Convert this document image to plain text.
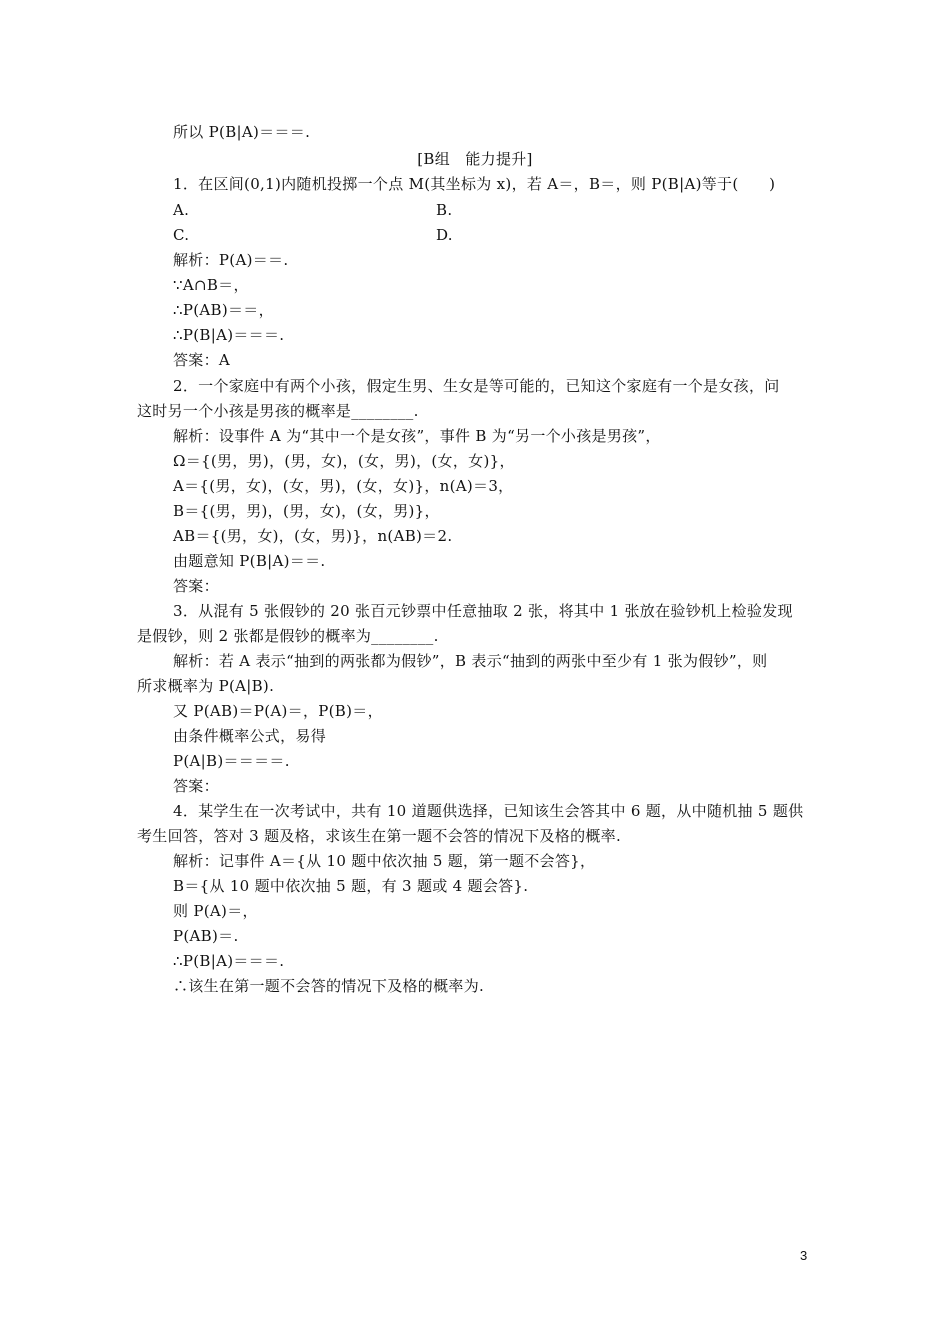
所以 P(B|A)＝＝＝.
[B组　能力提升]
1．在区间(0,1)内随机投掷一个点 M(其坐标为 x)，若 A＝，B＝，则 P(B|A)等于(　　)
A.	B.
C.	D.
解析：P(A)＝＝.
∵A∩B＝，
∴P(AB)＝＝，
∴P(B|A)＝＝＝.
答案：A
2．一个家庭中有两个小孩，假定生男、生女是等可能的，已知这个家庭有一个是女孩，问
这时另一个小孩是男孩的概率是________.
解析：设事件 A 为“其中一个是女孩”，事件 B 为“另一个小孩是男孩”，
Ω＝{(男，男)，(男，女)，(女，男)，(女，女)}，
A＝{(男，女)，(女，男)，(女，女)}，n(A)＝3，
B＝{(男，男)，(男，女)，(女，男)}，
AB＝{(男，女)，(女，男)}，n(AB)＝2.
由题意知 P(B|A)＝＝.
答案：
3．从混有 5 张假钞的 20 张百元钞票中任意抽取 2 张，将其中 1 张放在验钞机上检验发现
是假钞，则 2 张都是假钞的概率为________.
解析：若 A 表示“抽到的两张都为假钞”，B 表示“抽到的两张中至少有 1 张为假钞”，则
所求概率为 P(A|B).
又 P(AB)＝P(A)＝，P(B)＝，
由条件概率公式，易得
P(A|B)＝＝＝＝.
答案：
4．某学生在一次考试中，共有 10 道题供选择，已知该生会答其中 6 题，从中随机抽 5 题供
考生回答，答对 3 题及格，求该生在第一题不会答的情况下及格的概率.
解析：记事件 A＝{从 10 题中依次抽 5 题，第一题不会答}，
B＝{从 10 题中依次抽 5 题，有 3 题或 4 题会答}.
则 P(A)＝，
P(AB)＝.
∴P(B|A)＝＝＝.
∴该生在第一题不会答的情况下及格的概率为.
3
